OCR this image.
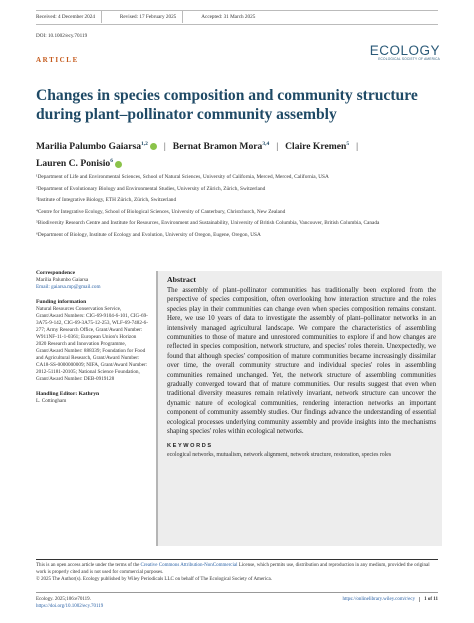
Received: 4 December 2024	Revised: 17 February 2025	Accepted: 31 March 2025
DOI: 10.1002/ecy.70119
ECOLOGY
ECOLOGICAL SOCIETY OF AMERICA
ARTICLE
Changes in species composition and community structure during plant–pollinator community assembly
Marilia Palumbo Gaiarsa$^{1,2}$ | Bernat Bramon Mora$^{3,4}$ | Claire Kremen$^5$ |
Lauren C. Ponisio$^6$

¹Department of Life and Environmental Sciences, School of Natural Sciences, University of California, Merced, Merced, California, USA

²Department of Evolutionary Biology and Environmental Studies, University of Zürich, Zürich, Switzerland

³Institute of Integrative Biology, ETH Zürich, Zürich, Switzerland

⁴Centre for Integrative Ecology, School of Biological Sciences, University of Canterbury, Christchurch, New Zealand

⁵Biodiversity Research Centre and Institute for Resources, Environment and Sustainability, University of British Columbia, Vancouver, British Columbia, Canada

⁶Department of Biology, Institute of Ecology and Evolution, University of Oregon, Eugene, Oregon, USA

Correspondence

Marilia Palumbo Gaiarsa

Email: gaiarsa.mp@gmail.com

Funding information

Natural Resources Conservation Service, Grant/Award Numbers: CIG-69-9104-6-101, CIG-69-3A75-9-142, CIG-69-3A75-12-253, WLF-69-7482-6-277; Army Research Office, Grant/Award Number: W911NF-11-1-0361; European Union's Horizon 2020 Research and Innovation Programme, Grant/Award Number: 888339; Foundation for Food and Agricultural Research, Grant/Award Number: CA18-SS-0000000009; NIFA, Grant/Award Number: 2012-51181-20105; National Science Foundation, Grant/Award Number: DEB-0919128

Handling Editor: Kathryn

L. Cottingham

Abstract
The assembly of plant–pollinator communities has traditionally been explored from the perspective of species composition, often overlooking how interaction structure and the roles species play in their communities can change even when species composition remains constant. Here, we use 10 years of data to investigate the assembly of plant–pollinator networks in an intensively managed agricultural landscape. We compare the characteristics of assembling communities to those of mature and unrestored communities to explore if and how changes are reflected in species composition, network structure, and species' roles therein. Unexpectedly, we found that although species' composition of mature communities became increasingly dissimilar over time, the overall community structure and individual species' roles in assembling communities remained unchanged. Yet, the network structure of assembling communities gradually converged toward that of mature communities. Our results suggest that even when traditional diversity measures remain relatively invariant, network structure can uncover the dynamic nature of ecological communities, rendering interaction networks an important component of community assembly studies. Our findings advance the understanding of essential ecological processes underlying community assembly and provide insights into the mechanisms shaping species' roles within ecological networks.
KEYWORDS
ecological networks, mutualism, network alignment, network structure, restoration, species roles
This is an open access article under the terms of the Creative Commons Attribution-NonCommercial License, which permits use, distribution and reproduction in any medium, provided the original work is properly cited and is not used for commercial purposes.
© 2025 The Author(s). Ecology published by Wiley Periodicals LLC on behalf of The Ecological Society of America.
Ecology. 2025;106:e70119.
https://doi.org/10.1002/ecy.70119
https://onlinelibrary.wiley.com/r/ecy 1 of 11
